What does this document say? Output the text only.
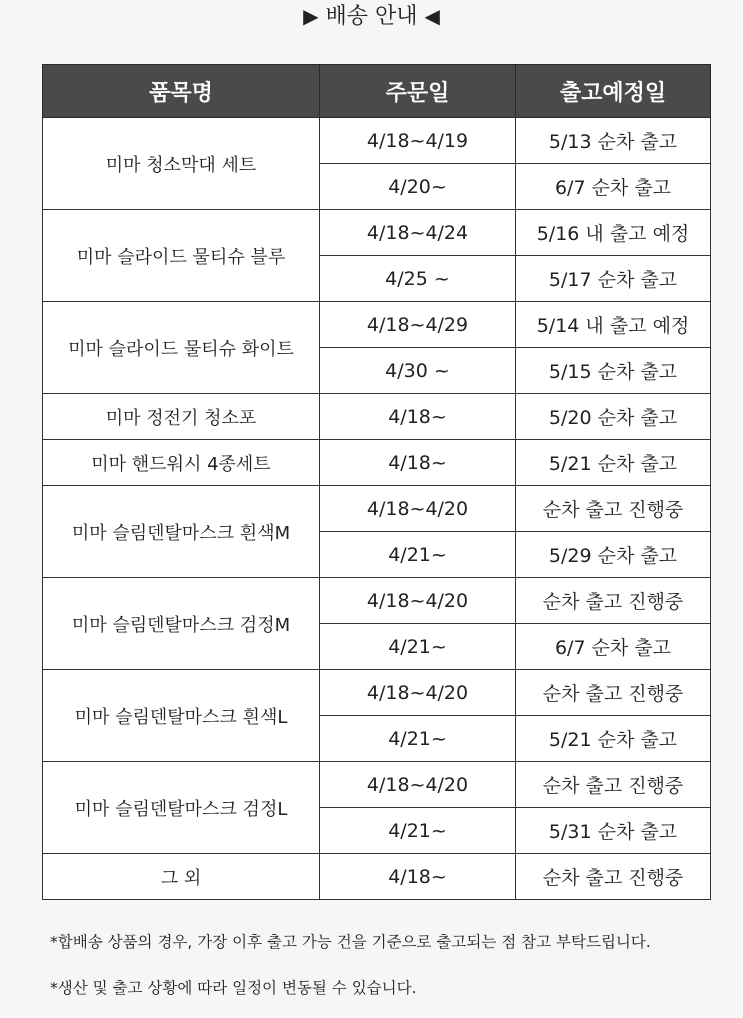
▶ 배송 안내 ◀
품목명	주문일	출고예정일
미마 청소막대 세트	4/18~4/19	5/13 순차 출고
	4/20~	6/7 순차 출고
미마 슬라이드 물티슈 블루	4/18~4/24	5/16 내 출고 예정
	4/25 ~	5/17 순차 출고
미마 슬라이드 물티슈 화이트	4/18~4/29	5/14 내 출고 예정
	4/30 ~	5/15 순차 출고
미마 정전기 청소포	4/18~	5/20 순차 출고
미마 핸드워시 4종세트	4/18~	5/21 순차 출고
미마 슬림덴탈마스크 흰색M	4/18~4/20	순차 출고 진행중
	4/21~	5/29 순차 출고
미마 슬림덴탈마스크 검정M	4/18~4/20	순차 출고 진행중
	4/21~	6/7 순차 출고
미마 슬림덴탈마스크 흰색L	4/18~4/20	순차 출고 진행중
	4/21~	5/21 순차 출고
미마 슬림덴탈마스크 검정L	4/18~4/20	순차 출고 진행중
	4/21~	5/31 순차 출고
그 외	4/18~	순차 출고 진행중
*합배송 상품의 경우, 가장 이후 출고 가능 건을 기준으로 출고되는 점 참고 부탁드립니다.
*생산 및 출고 상황에 따라 일정이 변동될 수 있습니다.
